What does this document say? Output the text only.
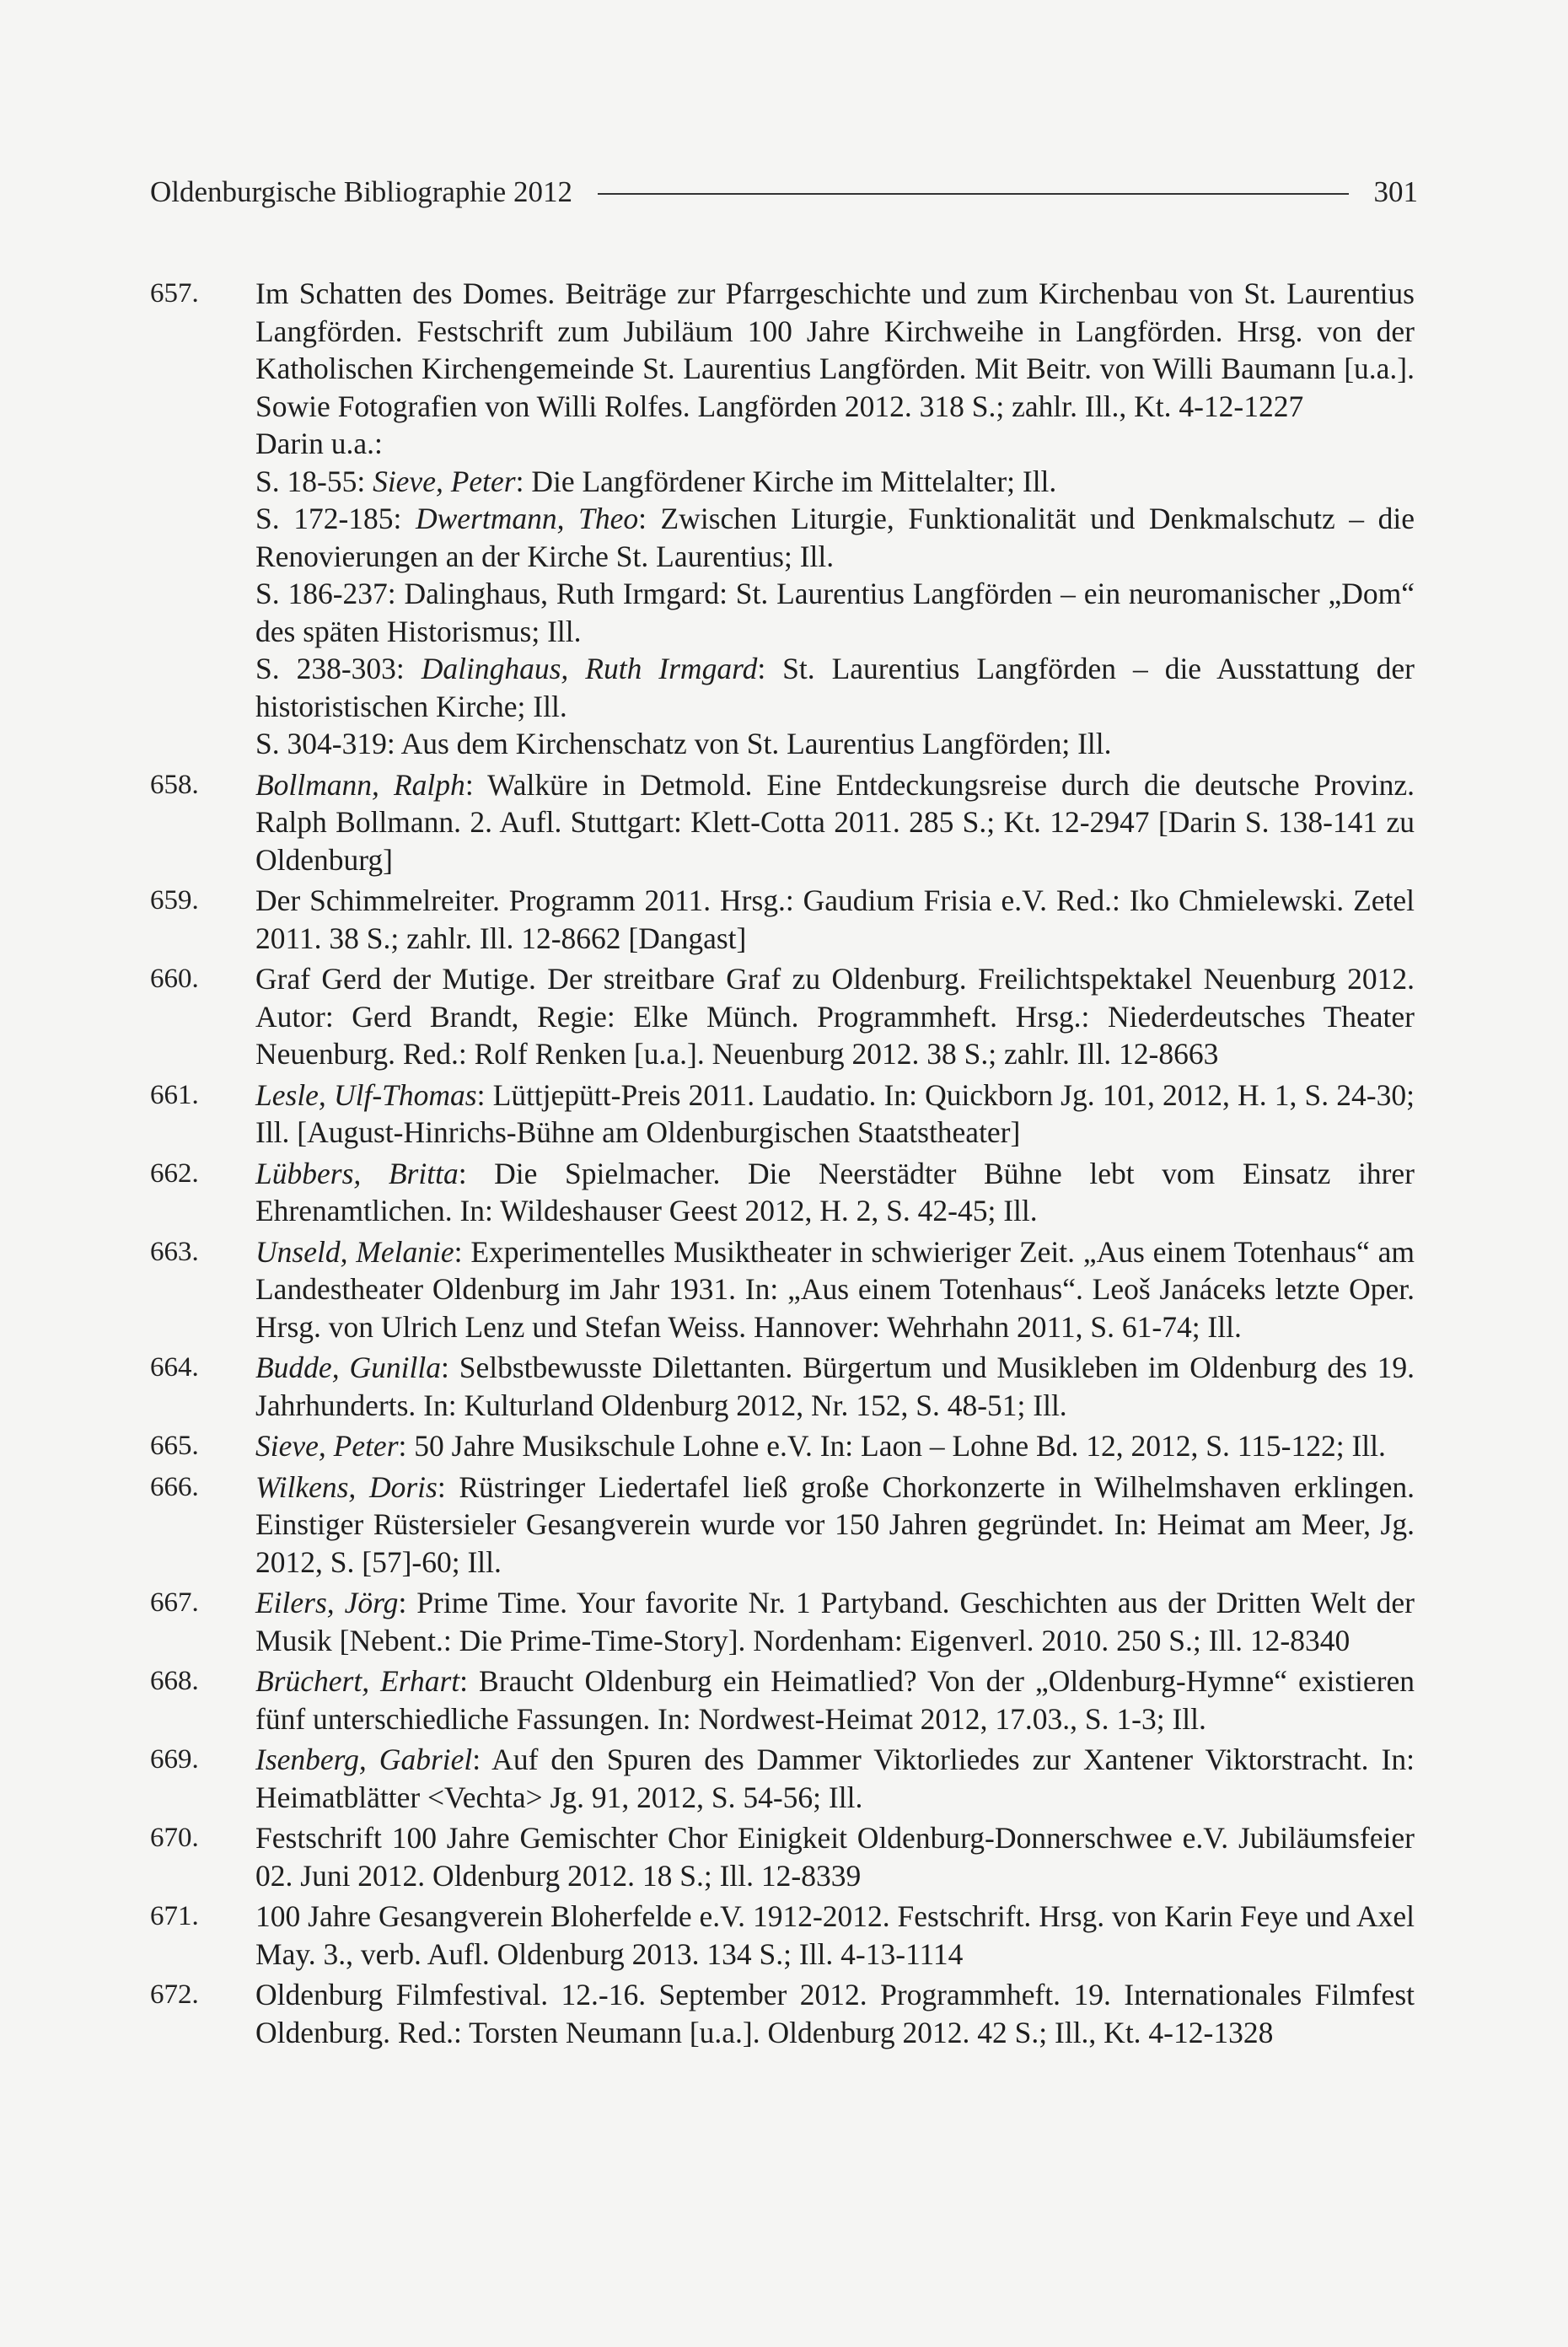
Oldenburgische Bibliographie 2012	301
657.	Im Schatten des Domes. Beiträge zur Pfarrgeschichte und zum Kirchenbau von St. Laurentius Langförden. Festschrift zum Jubiläum 100 Jahre Kirchweihe in Langförden. Hrsg. von der Katholischen Kirchengemeinde St. Laurentius Langförden. Mit Beitr. von Willi Baumann [u.a.]. Sowie Fotografien von Willi Rolfes. Langförden 2012. 318 S.; zahlr. Ill., Kt. 4-12-1227
Darin u.a.:
S. 18-55: Sieve, Peter: Die Langfördener Kirche im Mittelalter; Ill.
S. 172-185: Dwertmann, Theo: Zwischen Liturgie, Funktionalität und Denkmalschutz – die Renovierungen an der Kirche St. Laurentius; Ill.
S. 186-237: Dalinghaus, Ruth Irmgard: St. Laurentius Langförden – ein neuromanischer „Dom“ des späten Historismus; Ill.
S. 238-303: Dalinghaus, Ruth Irmgard: St. Laurentius Langförden – die Ausstattung der historistischen Kirche; Ill.
S. 304-319: Aus dem Kirchenschatz von St. Laurentius Langförden; Ill.
658.	Bollmann, Ralph: Walküre in Detmold. Eine Entdeckungsreise durch die deutsche Provinz. Ralph Bollmann. 2. Aufl. Stuttgart: Klett-Cotta 2011. 285 S.; Kt. 12-2947 [Darin S. 138-141 zu Oldenburg]
659.	Der Schimmelreiter. Programm 2011. Hrsg.: Gaudium Frisia e.V. Red.: Iko Chmielewski. Zetel 2011. 38 S.; zahlr. Ill. 12-8662 [Dangast]
660.	Graf Gerd der Mutige. Der streitbare Graf zu Oldenburg. Freilichtspektakel Neuenburg 2012. Autor: Gerd Brandt, Regie: Elke Münch. Programmheft. Hrsg.: Niederdeutsches Theater Neuenburg. Red.: Rolf Renken [u.a.]. Neuenburg 2012. 38 S.; zahlr. Ill. 12-8663
661.	Lesle, Ulf-Thomas: Lüttjepütt-Preis 2011. Laudatio. In: Quickborn Jg. 101, 2012, H. 1, S. 24-30; Ill. [August-Hinrichs-Bühne am Oldenburgischen Staatstheater]
662.	Lübbers, Britta: Die Spielmacher. Die Neerstädter Bühne lebt vom Einsatz ihrer Ehrenamtlichen. In: Wildeshauser Geest 2012, H. 2, S. 42-45; Ill.
663.	Unseld, Melanie: Experimentelles Musiktheater in schwieriger Zeit. „Aus einem Totenhaus“ am Landestheater Oldenburg im Jahr 1931. In: „Aus einem Totenhaus“. Leoš Janáceks letzte Oper. Hrsg. von Ulrich Lenz und Stefan Weiss. Hannover: Wehrhahn 2011, S. 61-74; Ill.
664.	Budde, Gunilla: Selbstbewusste Dilettanten. Bürgertum und Musikleben im Oldenburg des 19. Jahrhunderts. In: Kulturland Oldenburg 2012, Nr. 152, S. 48-51; Ill.
665.	Sieve, Peter: 50 Jahre Musikschule Lohne e.V. In: Laon – Lohne Bd. 12, 2012, S. 115-122; Ill.
666.	Wilkens, Doris: Rüstringer Liedertafel ließ große Chorkonzerte in Wilhelmshaven erklingen. Einstiger Rüstersieler Gesangverein wurde vor 150 Jahren gegründet. In: Heimat am Meer, Jg. 2012, S. [57]-60; Ill.
667.	Eilers, Jörg: Prime Time. Your favorite Nr. 1 Partyband. Geschichten aus der Dritten Welt der Musik [Nebent.: Die Prime-Time-Story]. Nordenham: Eigenverl. 2010. 250 S.; Ill. 12-8340
668.	Brüchert, Erhart: Braucht Oldenburg ein Heimatlied? Von der „Oldenburg-Hymne“ existieren fünf unterschiedliche Fassungen. In: Nordwest-Heimat 2012, 17.03., S. 1-3; Ill.
669.	Isenberg, Gabriel: Auf den Spuren des Dammer Viktorliedes zur Xantener Viktorstracht. In: Heimatblätter <Vechta> Jg. 91, 2012, S. 54-56; Ill.
670.	Festschrift 100 Jahre Gemischter Chor Einigkeit Oldenburg-Donnerschwee e.V. Jubiläumsfeier 02. Juni 2012. Oldenburg 2012. 18 S.; Ill. 12-8339
671.	100 Jahre Gesangverein Bloherfelde e.V. 1912-2012. Festschrift. Hrsg. von Karin Feye und Axel May. 3., verb. Aufl. Oldenburg 2013. 134 S.; Ill. 4-13-1114
672.	Oldenburg Filmfestival. 12.-16. September 2012. Programmheft. 19. Internationales Filmfest Oldenburg. Red.: Torsten Neumann [u.a.]. Oldenburg 2012. 42 S.; Ill., Kt. 4-12-1328
